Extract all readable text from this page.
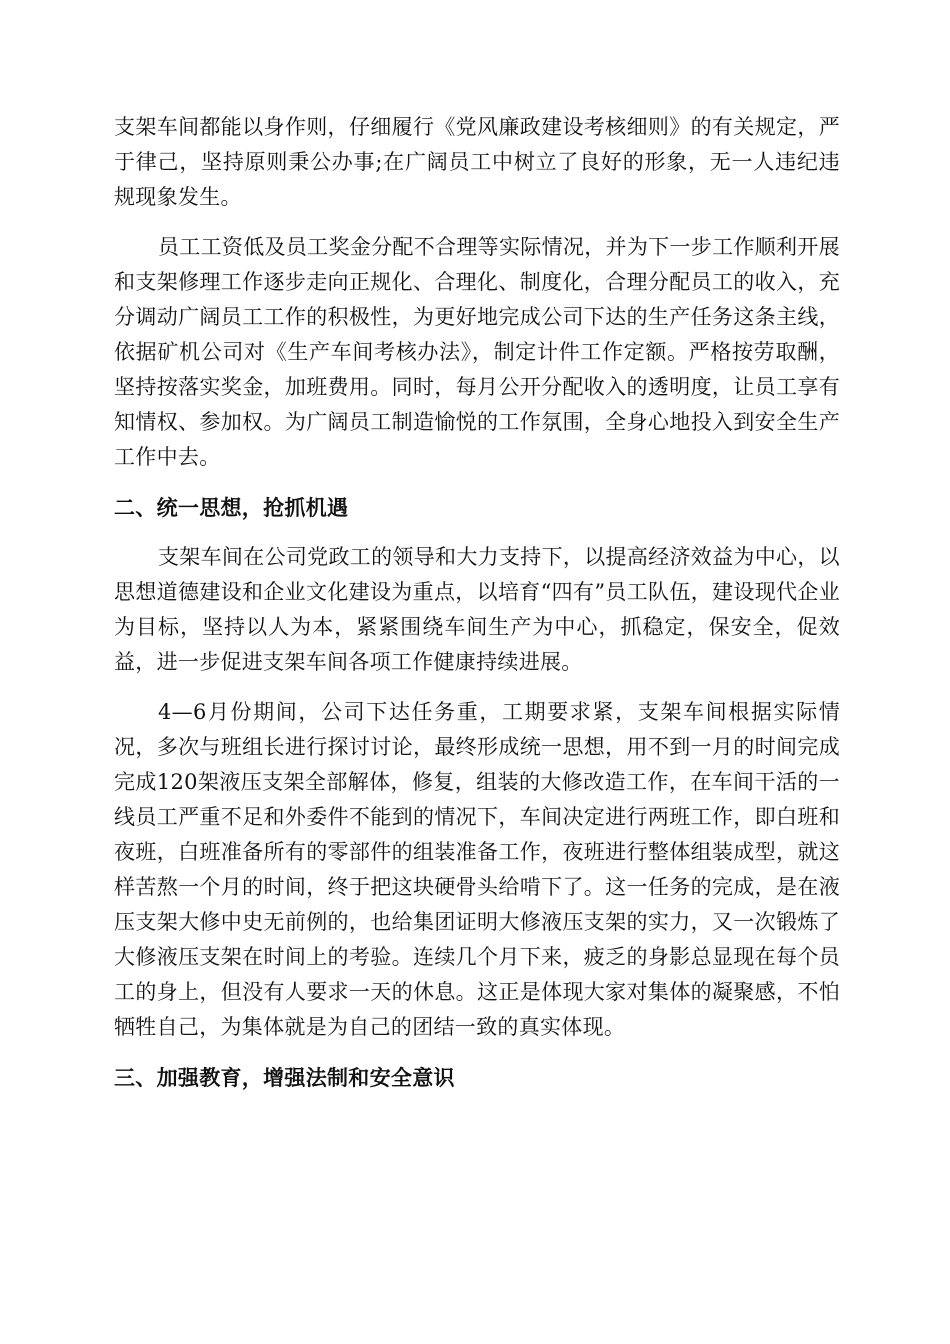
支架车间都能以身作则，仔细履行《党风廉政建设考核细则》的有关规定，严于律己，坚持原则秉公办事;在广阔员工中树立了良好的形象，无一人违纪违规现象发生。

员工工资低及员工奖金分配不合理等实际情况，并为下一步工作顺利开展和支架修理工作逐步走向正规化、合理化、制度化，合理分配员工的收入，充分调动广阔员工工作的积极性，为更好地完成公司下达的生产任务这条主线，依据矿机公司对《生产车间考核办法》，制定计件工作定额。严格按劳取酬，坚持按落实奖金，加班费用。同时，每月公开分配收入的透明度，让员工享有知情权、参加权。为广阔员工制造愉悦的工作氛围，全身心地投入到安全生产工作中去。

二、统一思想，抢抓机遇

支架车间在公司党政工的领导和大力支持下，以提高经济效益为中心，以思想道德建设和企业文化建设为重点，以培育“四有”员工队伍，建设现代企业为目标，坚持以人为本，紧紧围绕车间生产为中心，抓稳定，保安全，促效益，进一步促进支架车间各项工作健康持续进展。

4—6月份期间，公司下达任务重，工期要求紧，支架车间根据实际情况，多次与班组长进行探讨讨论，最终形成统一思想，用不到一月的时间完成完成120架液压支架全部解体，修复，组装的大修改造工作，在车间干活的一线员工严重不足和外委件不能到的情况下，车间决定进行两班工作，即白班和夜班，白班准备所有的零部件的组装准备工作，夜班进行整体组装成型，就这样苦熬一个月的时间，终于把这块硬骨头给啃下了。这一任务的完成，是在液压支架大修中史无前例的，也给集团证明大修液压支架的实力，又一次锻炼了大修液压支架在时间上的考验。连续几个月下来，疲乏的身影总显现在每个员工的身上，但没有人要求一天的休息。这正是体现大家对集体的凝聚感，不怕牺牲自己，为集体就是为自己的团结一致的真实体现。

三、加强教育，增强法制和安全意识
